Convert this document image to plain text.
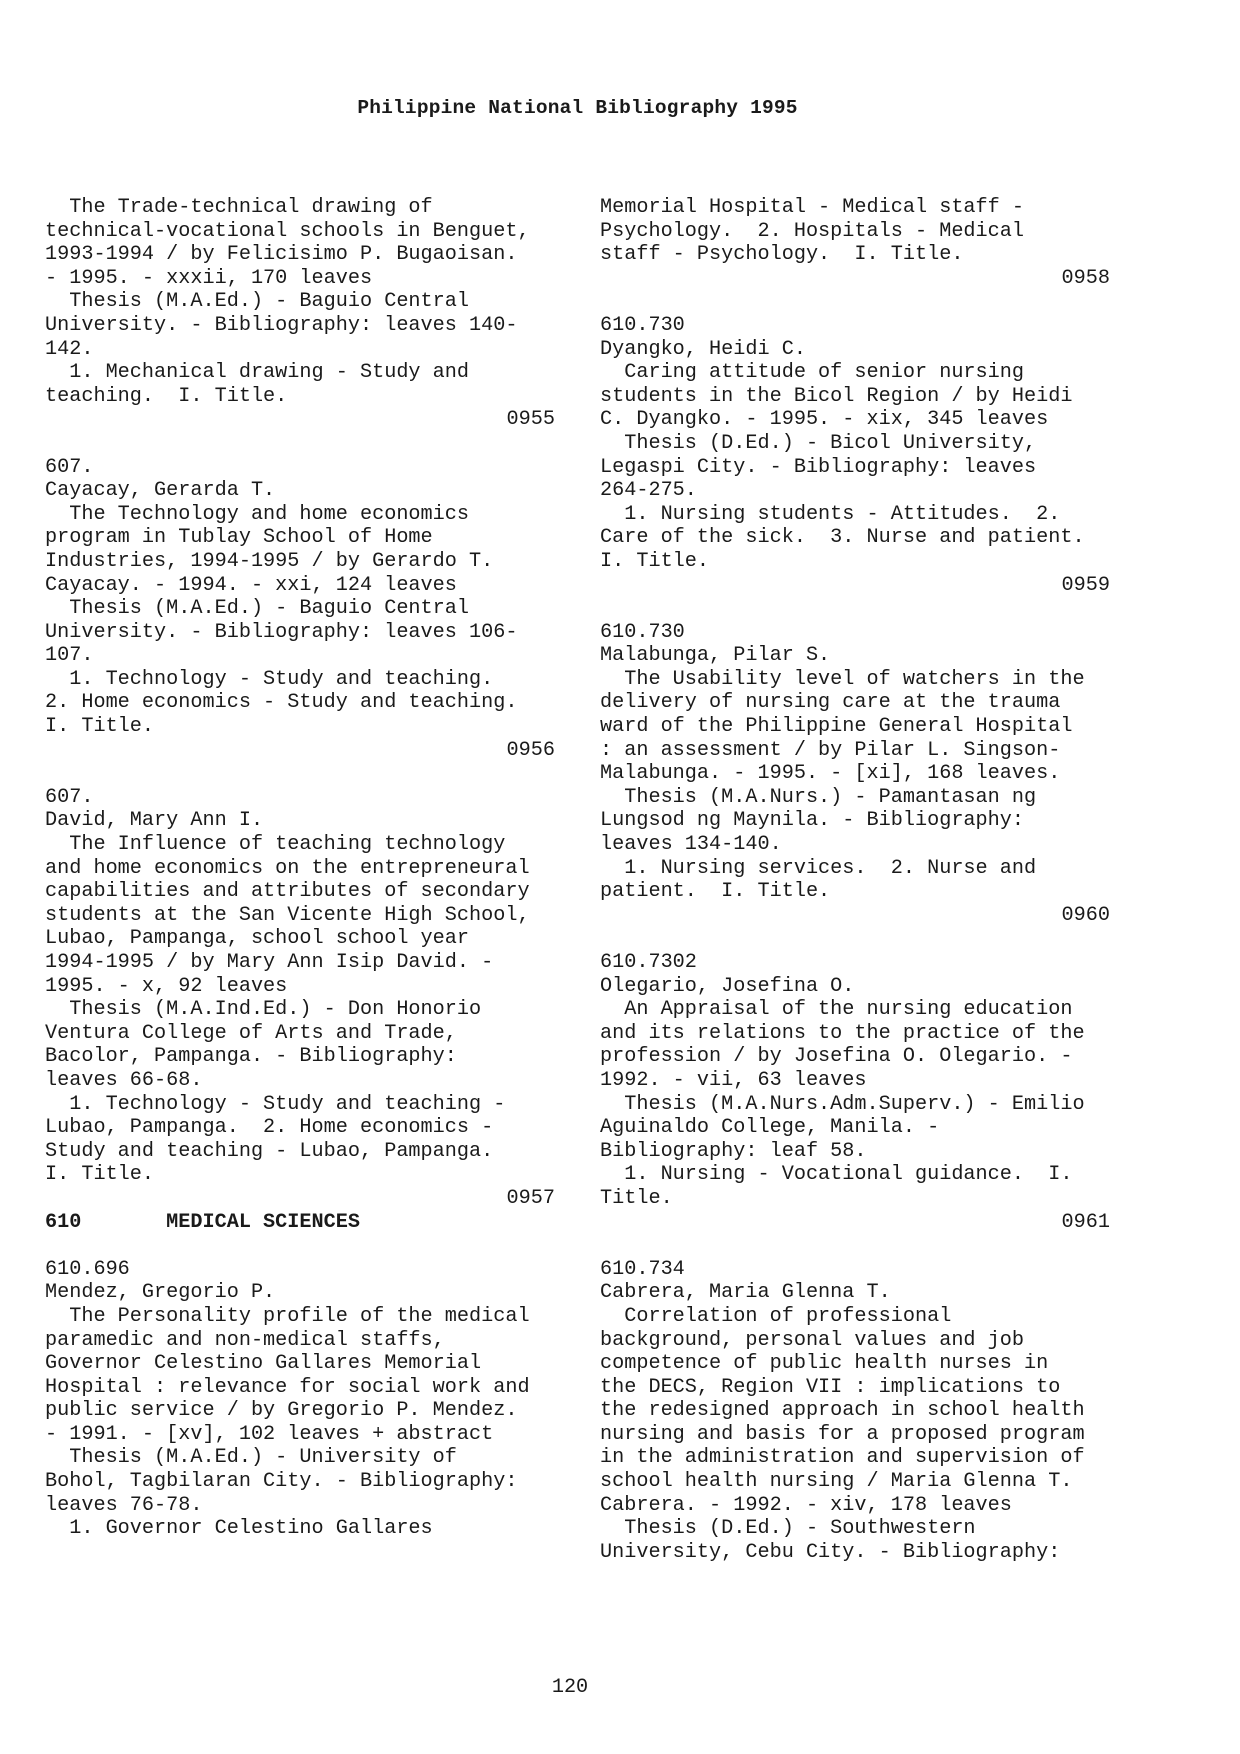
Philippine National Bibliography 1995
The Trade-technical drawing of
technical-vocational schools in Benguet,
1993-1994 / by Felicisimo P. Bugaoisan.
- 1995. - xxxii, 170 leaves
Thesis (M.A.Ed.) - Baguio Central
University. - Bibliography: leaves 140-
142.
1. Mechanical drawing - Study and
teaching.  I. Title.
0955
607.
Cayacay, Gerarda T.
The Technology and home economics
program in Tublay School of Home
Industries, 1994-1995 / by Gerardo T.
Cayacay. - 1994. - xxi, 124 leaves
Thesis (M.A.Ed.) - Baguio Central
University. - Bibliography: leaves 106-
107.
1. Technology - Study and teaching.
2. Home economics - Study and teaching.
I. Title.
0956
607.
David, Mary Ann I.
The Influence of teaching technology
and home economics on the entrepreneural
capabilities and attributes of secondary
students at the San Vicente High School,
Lubao, Pampanga, school school year
1994-1995 / by Mary Ann Isip David. -
1995. - x, 92 leaves
Thesis (M.A.Ind.Ed.) - Don Honorio
Ventura College of Arts and Trade,
Bacolor, Pampanga. - Bibliography:
leaves 66-68.
1. Technology - Study and teaching -
Lubao, Pampanga.  2. Home economics -
Study and teaching - Lubao, Pampanga.
I. Title.
0957
610       MEDICAL SCIENCES
610.696
Mendez, Gregorio P.
The Personality profile of the medical
paramedic and non-medical staffs,
Governor Celestino Gallares Memorial
Hospital : relevance for social work and
public service / by Gregorio P. Mendez.
- 1991. - [xv], 102 leaves + abstract
Thesis (M.A.Ed.) - University of
Bohol, Tagbilaran City. - Bibliography:
leaves 76-78.
1. Governor Celestino Gallares
Memorial Hospital - Medical staff -
Psychology.  2. Hospitals - Medical
staff - Psychology.  I. Title.
0958
610.730
Dyangko, Heidi C.
Caring attitude of senior nursing
students in the Bicol Region / by Heidi
C. Dyangko. - 1995. - xix, 345 leaves
Thesis (D.Ed.) - Bicol University,
Legaspi City. - Bibliography: leaves
264-275.
1. Nursing students - Attitudes.  2.
Care of the sick.  3. Nurse and patient.
I. Title.
0959
610.730
Malabunga, Pilar S.
The Usability level of watchers in the
delivery of nursing care at the trauma
ward of the Philippine General Hospital
: an assessment / by Pilar L. Singson-
Malabunga. - 1995. - [xi], 168 leaves.
Thesis (M.A.Nurs.) - Pamantasan ng
Lungsod ng Maynila. - Bibliography:
leaves 134-140.
1. Nursing services.  2. Nurse and
patient.  I. Title.
0960
610.7302
Olegario, Josefina O.
An Appraisal of the nursing education
and its relations to the practice of the
profession / by Josefina O. Olegario. -
1992. - vii, 63 leaves
Thesis (M.A.Nurs.Adm.Superv.) - Emilio
Aguinaldo College, Manila. -
Bibliography: leaf 58.
1. Nursing - Vocational guidance.  I.
Title.
0961
610.734
Cabrera, Maria Glenna T.
Correlation of professional
background, personal values and job
competence of public health nurses in
the DECS, Region VII : implications to
the redesigned approach in school health
nursing and basis for a proposed program
in the administration and supervision of
school health nursing / Maria Glenna T.
Cabrera. - 1992. - xiv, 178 leaves
Thesis (D.Ed.) - Southwestern
University, Cebu City. - Bibliography:
120
